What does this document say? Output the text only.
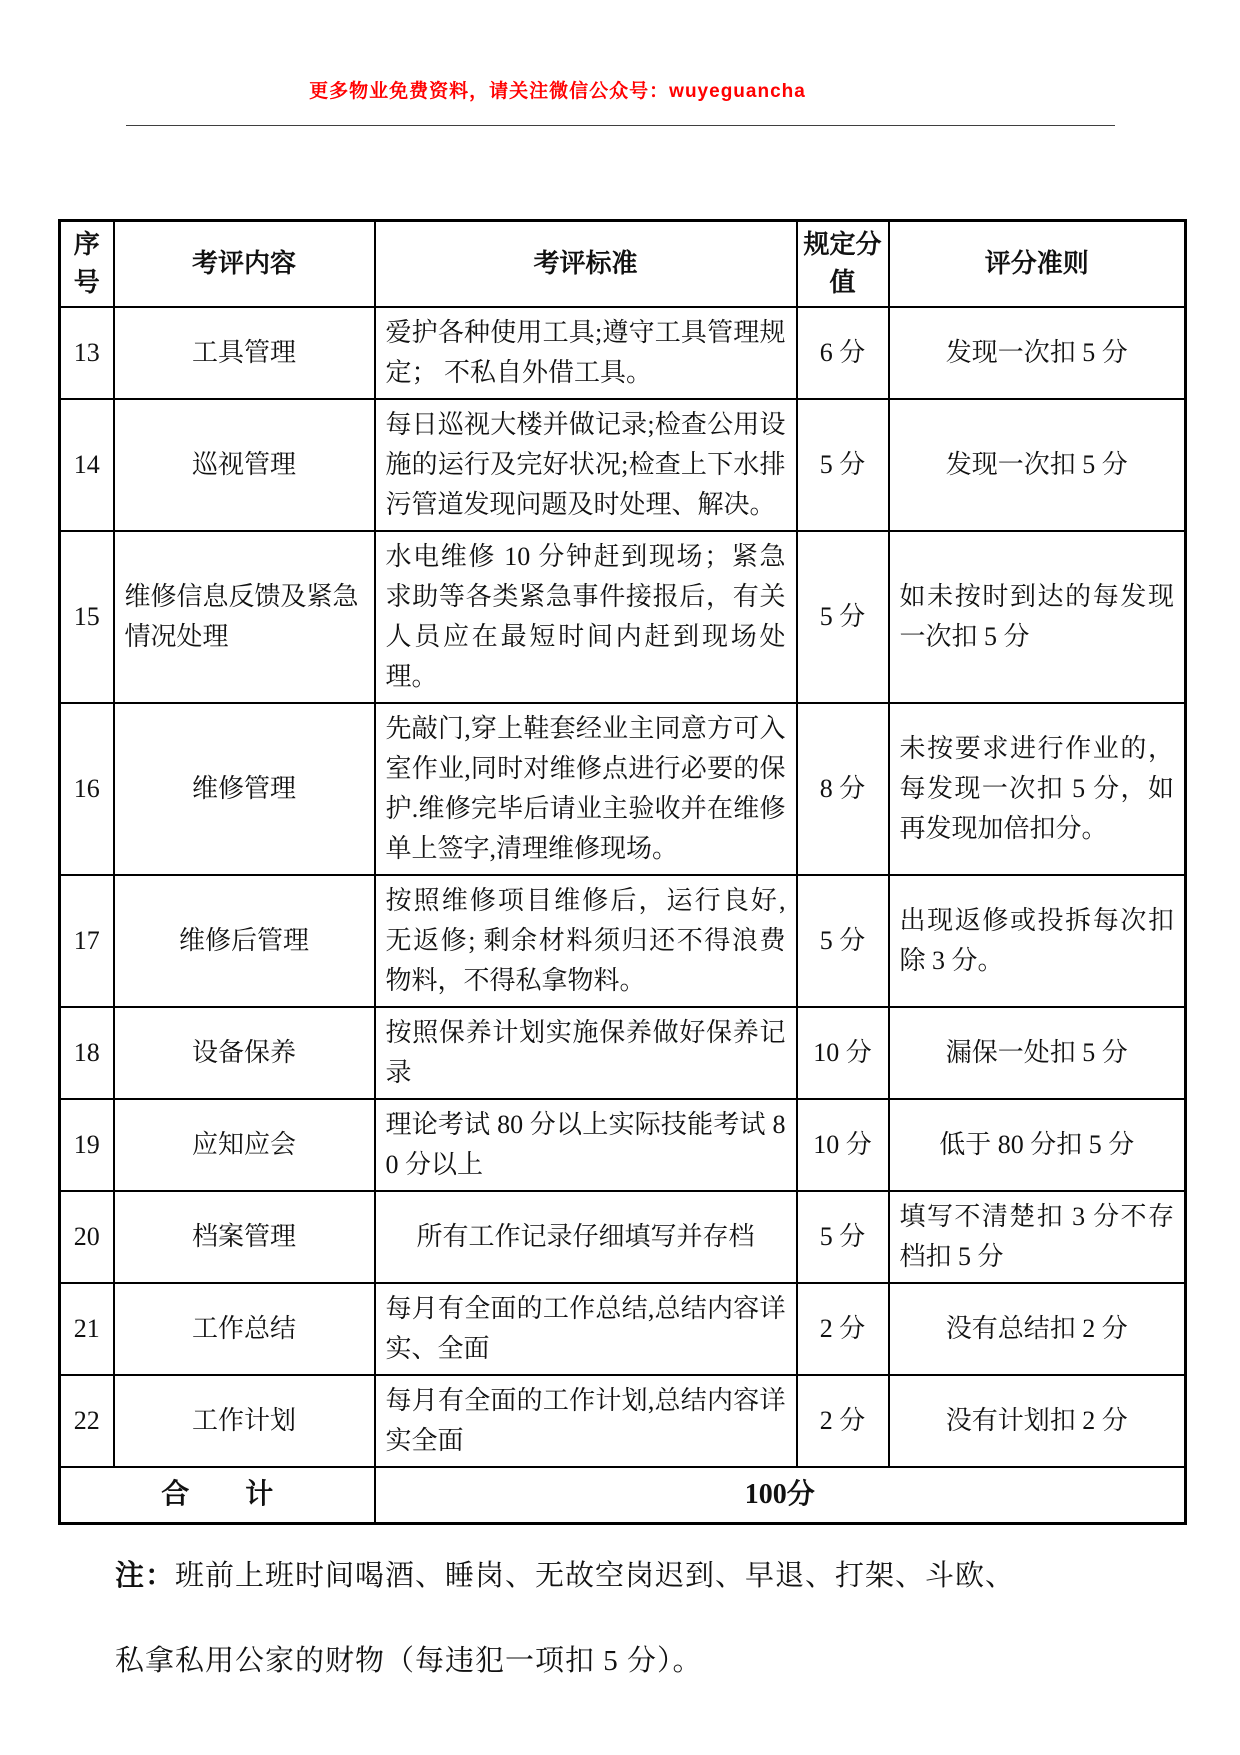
更多物业免费资料，请关注微信公众号：wuyeguancha
序号	考评内容	考评标准	规定分值	评分准则
13	工具管理	爱护各种使用工具;遵守工具管理规定； 不私自外借工具。	6 分	发现一次扣 5 分
14	巡视管理	每日巡视大楼并做记录;检查公用设施的运行及完好状况;检查上下水排污管道发现问题及时处理、解决。	5 分	发现一次扣 5 分
15	维修信息反馈及紧急情况处理	水电维修 10 分钟赶到现场；紧急求助等各类紧急事件接报后，有关人员应在最短时间内赶到现场处理。	5 分	如未按时到达的每发现一次扣 5 分
16	维修管理	先敲门,穿上鞋套经业主同意方可入室作业,同时对维修点进行必要的保护.维修完毕后请业主验收并在维修单上签字,清理维修现场。	8 分	未按要求进行作业的，每发现一次扣 5 分，如再发现加倍扣分。
17	维修后管理	按照维修项目维修后，运行良好, 无返修; 剩余材料须归还不得浪费物料，不得私拿物料。	5 分	出现返修或投拆每次扣除 3 分。
18	设备保养	按照保养计划实施保养做好保养记录	10 分	漏保一处扣 5 分
19	应知应会	理论考试 80 分以上实际技能考试 80 分以上	10 分	低于 80 分扣 5 分
20	档案管理	所有工作记录仔细填写并存档	5 分	填写不清楚扣 3 分不存档扣 5 分
21	工作总结	每月有全面的工作总结,总结内容详实、全面	2 分	没有总结扣 2 分
22	工作计划	每月有全面的工作计划,总结内容详实全面	2 分	没有计划扣 2 分
合　　计		100分		
注：班前上班时间喝酒、睡岗、无故空岗迟到、早退、打架、斗欧、
私拿私用公家的财物（每违犯一项扣 5 分）。
